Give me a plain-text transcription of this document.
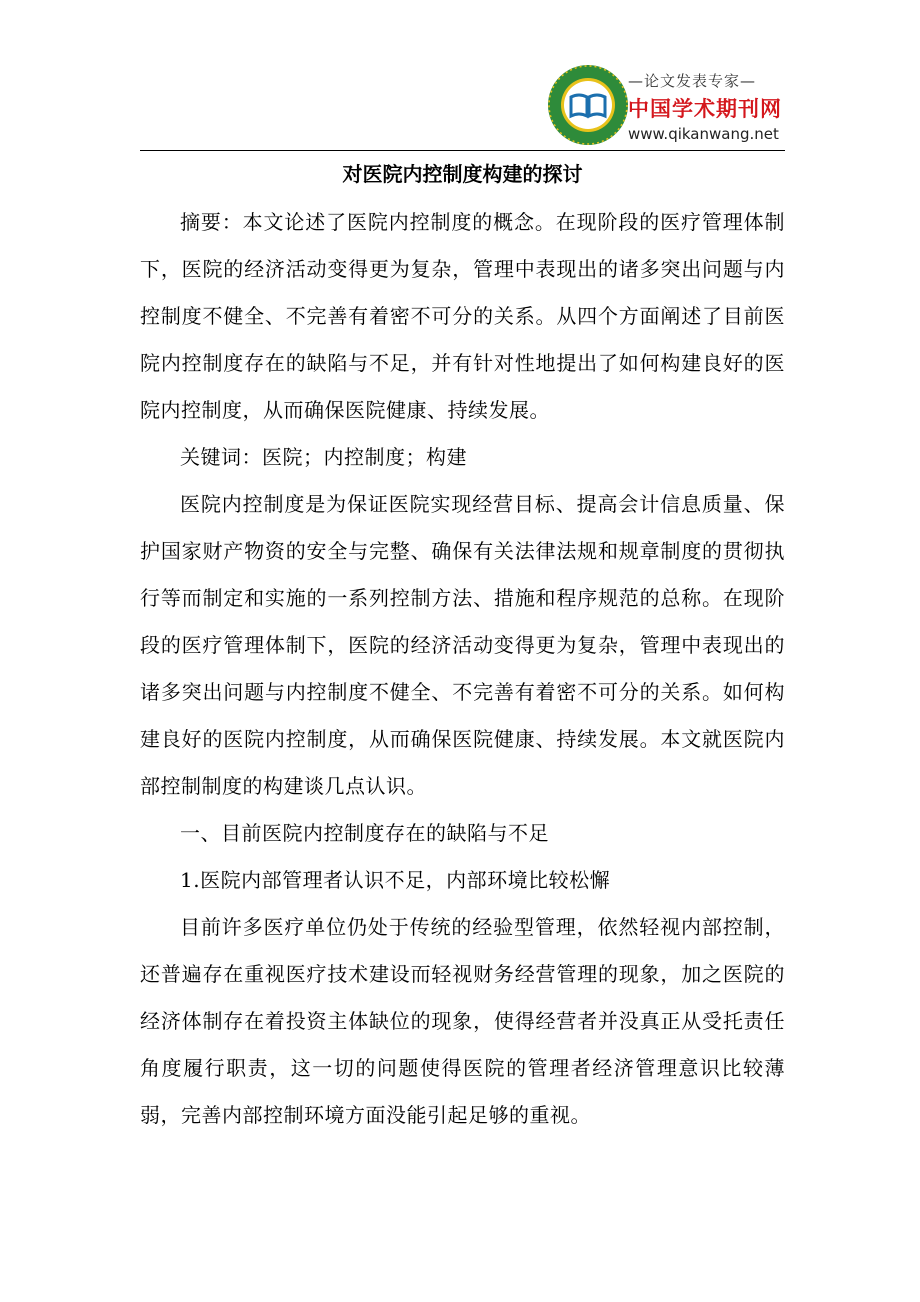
—论文发表专家—
中国学术期刊网
www.qikanwang.net
对医院内控制度构建的探讨

摘要：本文论述了医院内控制度的概念。在现阶段的医疗管理体制下，医院的经济活动变得更为复杂，管理中表现出的诸多突出问题与内控制度不健全、不完善有着密不可分的关系。从四个方面阐述了目前医院内控制度存在的缺陷与不足，并有针对性地提出了如何构建良好的医院内控制度，从而确保医院健康、持续发展。

关键词：医院；内控制度；构建

医院内控制度是为保证医院实现经营目标、提高会计信息质量、保护国家财产物资的安全与完整、确保有关法律法规和规章制度的贯彻执行等而制定和实施的一系列控制方法、措施和程序规范的总称。在现阶段的医疗管理体制下，医院的经济活动变得更为复杂，管理中表现出的诸多突出问题与内控制度不健全、不完善有着密不可分的关系。如何构建良好的医院内控制度，从而确保医院健康、持续发展。本文就医院内部控制制度的构建谈几点认识。

一、目前医院内控制度存在的缺陷与不足

1.医院内部管理者认识不足，内部环境比较松懈

目前许多医疗单位仍处于传统的经验型管理，依然轻视内部控制，还普遍存在重视医疗技术建设而轻视财务经营管理的现象，加之医院的经济体制存在着投资主体缺位的现象，使得经营者并没真正从受托责任角度履行职责，这一切的问题使得医院的管理者经济管理意识比较薄弱，完善内部控制环境方面没能引起足够的重视。
